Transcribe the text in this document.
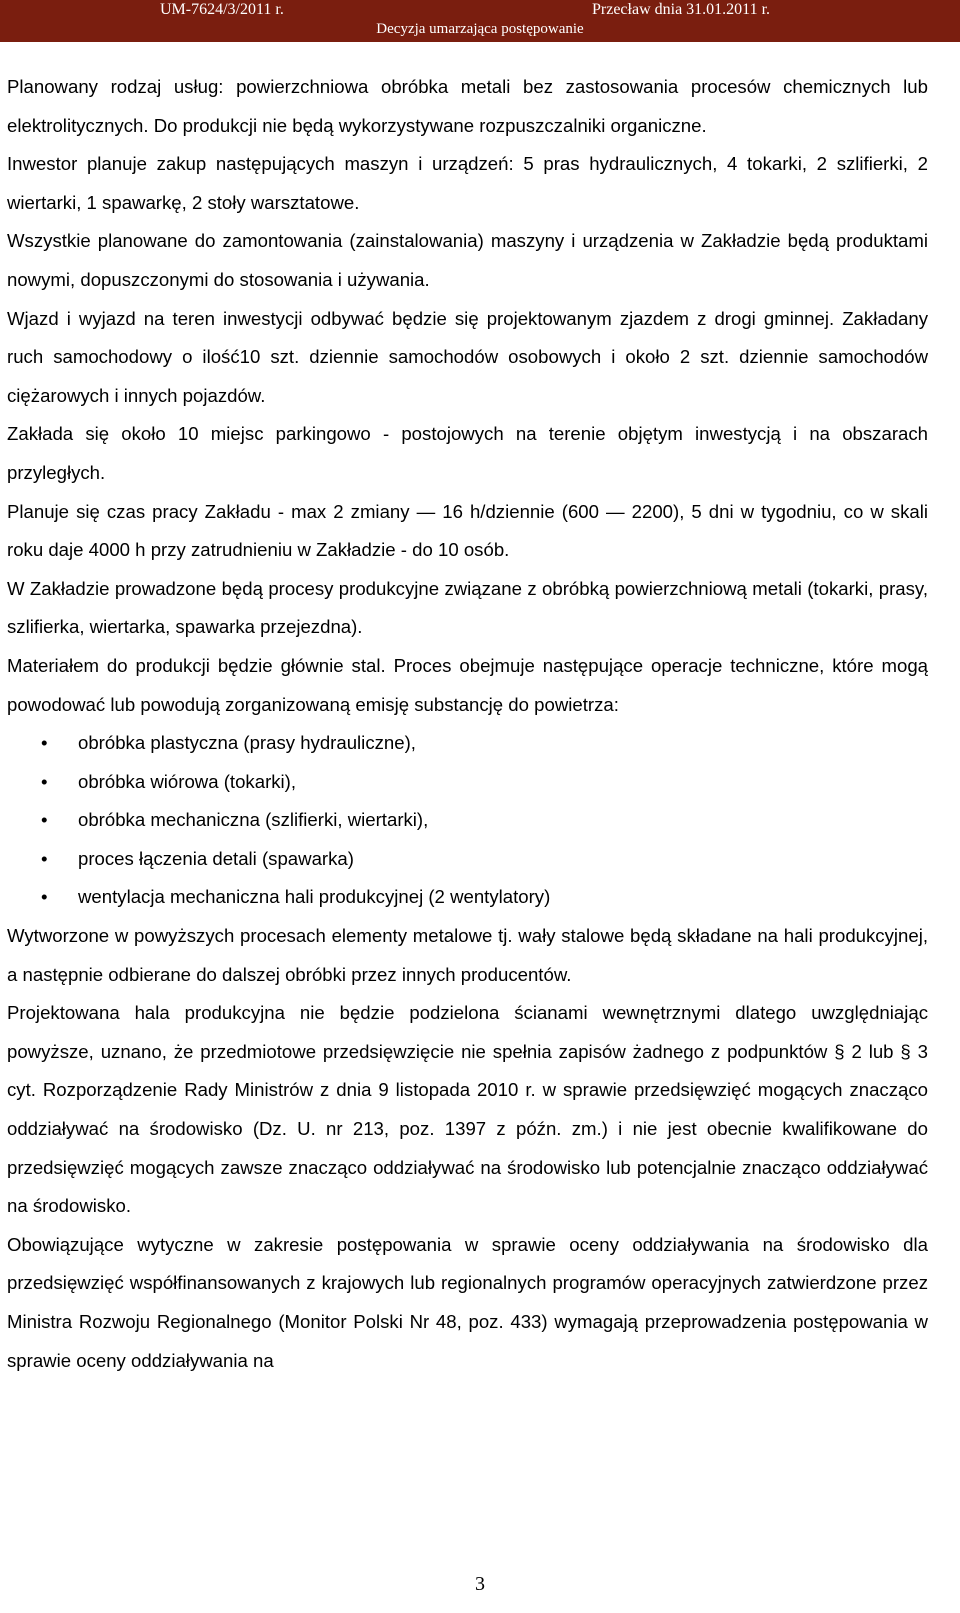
UM-7624/3/2011 r.	Przecław dnia 31.01.2011 r.
Decyzja umarzająca postępowanie

Planowany rodzaj usług: powierzchniowa obróbka metali bez zastosowania procesów chemicznych lub elektrolitycznych. Do produkcji nie będą wykorzystywane rozpuszczalniki organiczne.

Inwestor planuje zakup następujących maszyn i urządzeń: 5 pras hydraulicznych, 4 tokarki, 2 szlifierki, 2 wiertarki, 1 spawarkę, 2 stoły warsztatowe.

Wszystkie planowane do zamontowania (zainstalowania) maszyny i urządzenia w Zakładzie będą produktami nowymi, dopuszczonymi do stosowania i używania.

Wjazd i wyjazd na teren inwestycji odbywać będzie się projektowanym zjazdem z drogi gminnej. Zakładany ruch samochodowy o ilość10 szt. dziennie samochodów osobowych i około 2 szt. dziennie samochodów ciężarowych i innych pojazdów.

Zakłada się około 10 miejsc parkingowo - postojowych na terenie objętym inwestycją i na obszarach przyległych.

Planuje się czas pracy Zakładu - max 2 zmiany — 16 h/dziennie (600 — 2200), 5 dni w tygodniu, co w skali roku daje 4000 h przy zatrudnieniu w Zakładzie - do 10 osób.

W Zakładzie prowadzone będą procesy produkcyjne związane z obróbką powierzchniową metali (tokarki, prasy, szlifierka, wiertarka, spawarka przejezdna).

Materiałem do produkcji będzie głównie stal. Proces obejmuje następujące operacje techniczne, które mogą powodować lub powodują zorganizowaną emisję substancję do powietrza:

• obróbka plastyczna (prasy hydrauliczne),
• obróbka wiórowa (tokarki),
• obróbka mechaniczna (szlifierki, wiertarki),
• proces łączenia detali (spawarka)
• wentylacja mechaniczna hali produkcyjnej (2 wentylatory)

Wytworzone w powyższych procesach elementy metalowe tj. wały stalowe będą składane na hali produkcyjnej, a następnie odbierane do dalszej obróbki przez innych producentów.

Projektowana hala produkcyjna nie będzie podzielona ścianami wewnętrznymi dlatego uwzględniając powyższe, uznano, że przedmiotowe przedsięwzięcie nie spełnia zapisów żadnego z podpunktów § 2 lub § 3 cyt. Rozporządzenie Rady Ministrów z dnia 9 listopada 2010 r. w sprawie przedsięwzięć mogących znacząco oddziaływać na środowisko (Dz. U. nr 213, poz. 1397 z późn. zm.) i nie jest obecnie kwalifikowane do przedsięwzięć mogących zawsze znacząco oddziaływać na środowisko lub potencjalnie znacząco oddziaływać na środowisko.

Obowiązujące wytyczne w zakresie postępowania w sprawie oceny oddziaływania na środowisko dla przedsięwzięć współfinansowanych z krajowych lub regionalnych programów operacyjnych zatwierdzone przez Ministra Rozwoju Regionalnego (Monitor Polski Nr 48, poz. 433) wymagają przeprowadzenia postępowania w sprawie oceny oddziaływania na

3
